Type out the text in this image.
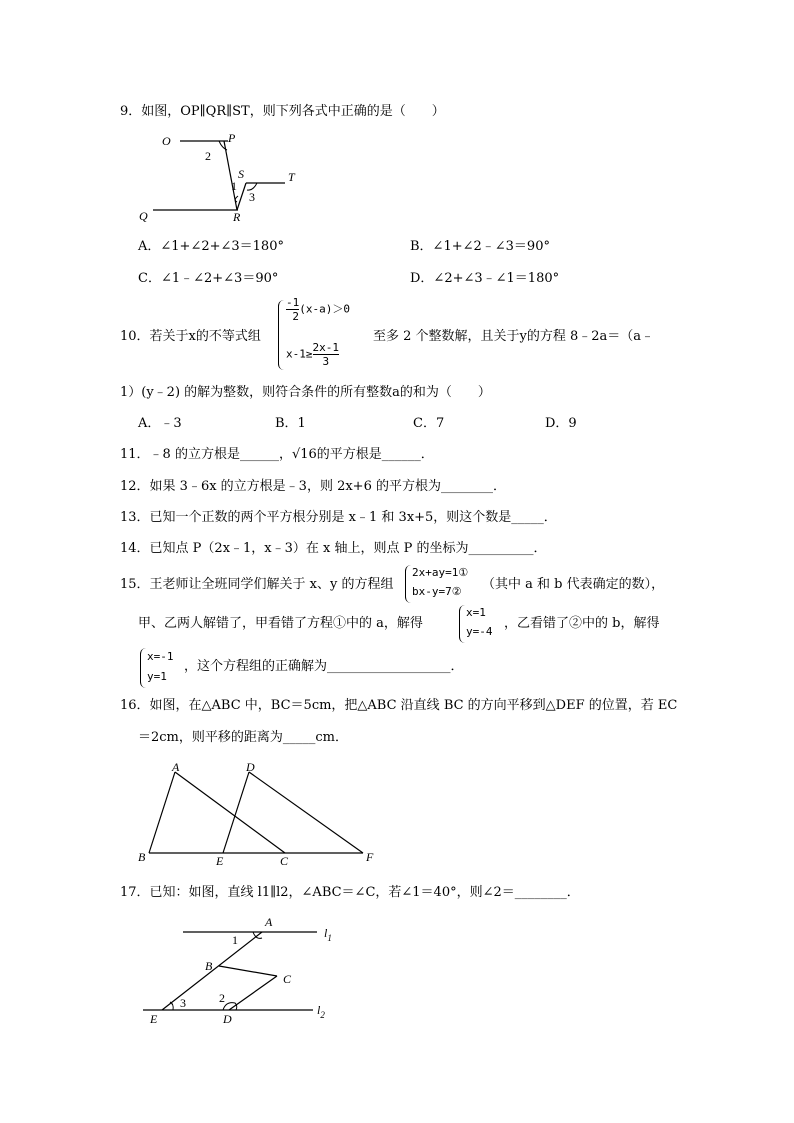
9．如图，OP∥QR∥ST，则下列各式中正确的是（　　）
O	P
Q	R
S	T
1
2
3
A．∠1+∠2+∠3＝180°	B．∠1+∠2﹣∠3＝90°
C．∠1﹣∠2+∠3＝90°	D．∠2+∠3﹣∠1＝180°
10．若关于x的不等式组
$\frac{-1}{2} (x-a)>0$
$x-1\ge \frac{2x-1}{3}$
至多 2 个整数解，且关于y的方程 8﹣2a＝（a﹣
1）(y﹣2) 的解为整数，则符合条件的所有整数a的和为（　　）
A．﹣3	B．1	C．7	D．9
11．﹣8 的立方根是______，√16的平方根是______．
12．如果 3﹣6x 的立方根是﹣3，则 2x+6 的平方根为________．
13．已知一个正数的两个平方根分别是 x﹣1 和 3x+5，则这个数是_____．
14．已知点 P（2x﹣1，x﹣3）在 x 轴上，则点 P 的坐标为__________．
15．王老师让全班同学们解关于 x、y 的方程组
2x+ay=1①
bx-y=7② （其中 a 和 b 代表确定的数），
甲、乙两人解错了，甲看错了方程①中的 a，解得
x=1
y=-4
，乙看错了②中的 b，解得
x=-1
y=1
，这个方程组的正确解为___________________．
16．如图，在△ABC 中，BC＝5cm，把△ABC 沿直线 BC 的方向平移到△DEF 的位置，若 EC
＝2cm，则平移的距离为_____cm．
A
B	C
D
E	F
17．已知：如图，直线 l1∥l2，∠ABC＝∠C，若∠1＝40°，则∠2＝________．
A
B
C
D
E
$l_1$
$l_2$
1
2
3
